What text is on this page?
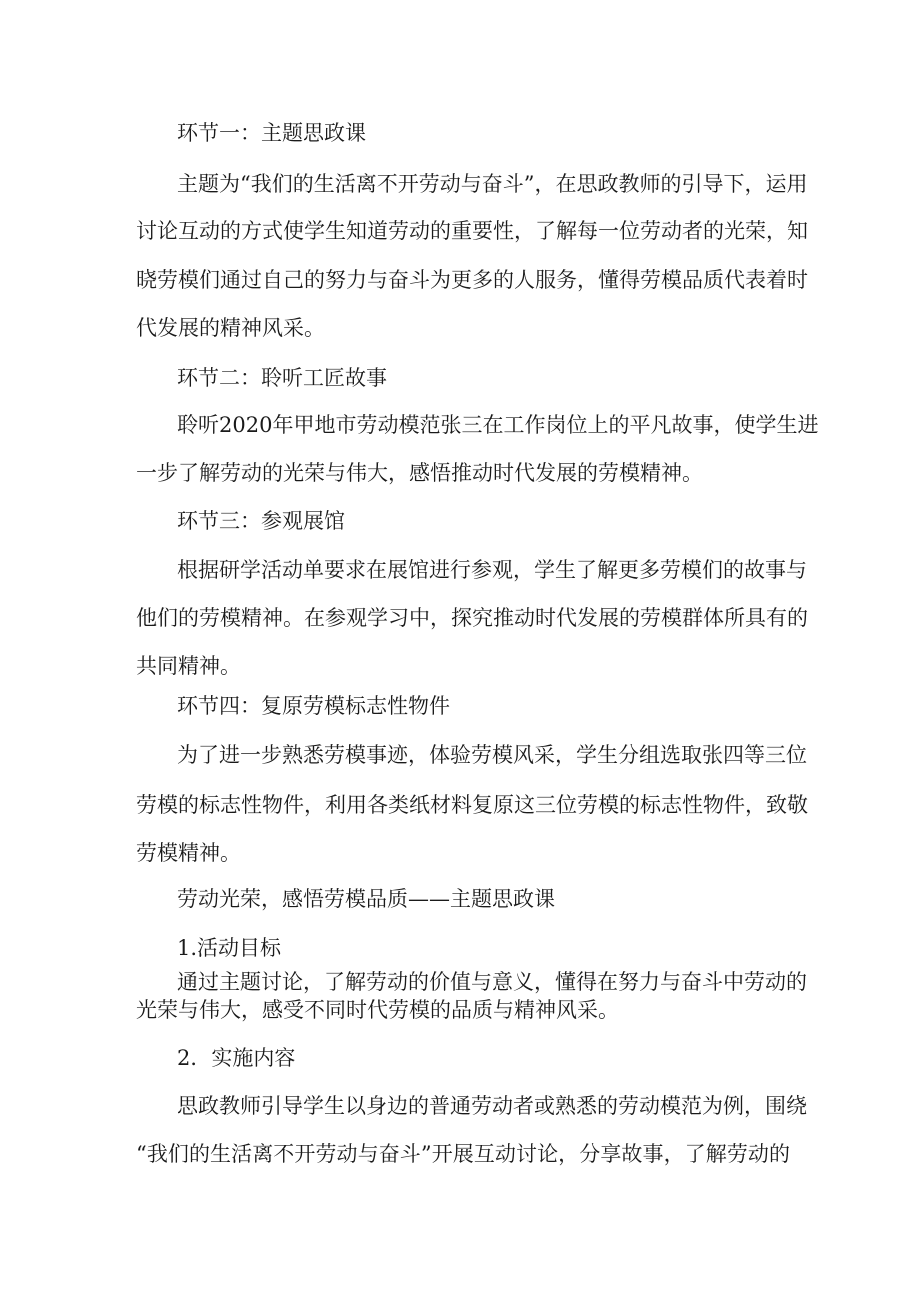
环节一：主题思政课
主题为“我们的生活离不开劳动与奋斗”，在思政教师的引导下，运用
讨论互动的方式使学生知道劳动的重要性，了解每一位劳动者的光荣，知
晓劳模们通过自己的努力与奋斗为更多的人服务，懂得劳模品质代表着时
代发展的精神风采。
环节二：聆听工匠故事
聆听2020年甲地市劳动模范张三在工作岗位上的平凡故事，使学生进
一步了解劳动的光荣与伟大，感悟推动时代发展的劳模精神。
环节三：参观展馆
根据研学活动单要求在展馆进行参观，学生了解更多劳模们的故事与
他们的劳模精神。在参观学习中，探究推动时代发展的劳模群体所具有的
共同精神。
环节四：复原劳模标志性物件
为了进一步熟悉劳模事迹，体验劳模风采，学生分组选取张四等三位
劳模的标志性物件，利用各类纸材料复原这三位劳模的标志性物件，致敬
劳模精神。
劳动光荣，感悟劳模品质——主题思政课
1.活动目标
通过主题讨论，了解劳动的价值与意义，懂得在努力与奋斗中劳动的
光荣与伟大，感受不同时代劳模的品质与精神风采。
2．实施内容
思政教师引导学生以身边的普通劳动者或熟悉的劳动模范为例，围绕
“我们的生活离不开劳动与奋斗”开展互动讨论，分享故事，了解劳动的
